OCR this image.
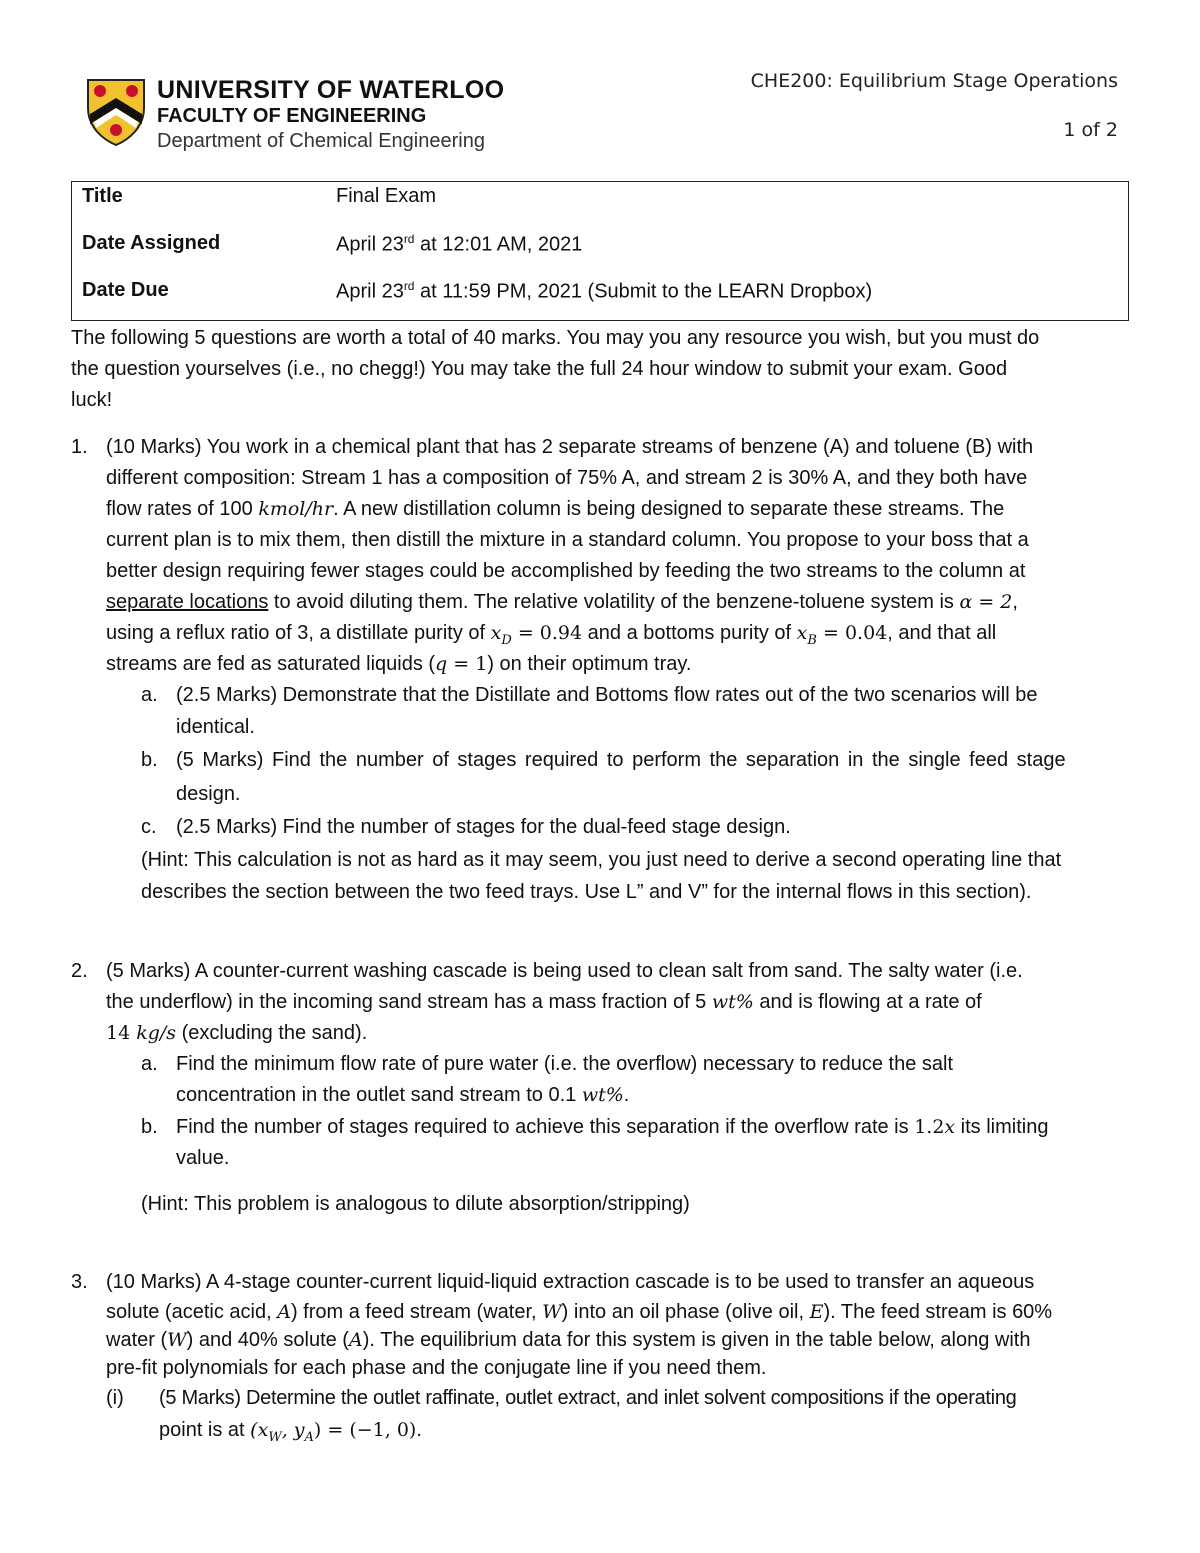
UNIVERSITY OF WATERLOO
FACULTY OF ENGINEERING
Department of Chemical Engineering
CHE200: Equilibrium Stage Operations
1 of 2
Title	Final Exam
Date Assigned	April 23rd at 12:01 AM, 2021
Date Due	April 23rd at 11:59 PM, 2021 (Submit to the LEARN Dropbox)
The following 5 questions are worth a total of 40 marks. You may you any resource you wish, but you must do
the question yourselves (i.e., no chegg!) You may take the full 24 hour window to submit your exam. Good
luck!
1. (10 Marks) You work in a chemical plant that has 2 separate streams of benzene (A) and toluene (B) with
different composition: Stream 1 has a composition of 75% A, and stream 2 is 30% A, and they both have
flow rates of 100 kmol/hr. A new distillation column is being designed to separate these streams. The
current plan is to mix them, then distill the mixture in a standard column. You propose to your boss that a
better design requiring fewer stages could be accomplished by feeding the two streams to the column at
separate locations to avoid diluting them. The relative volatility of the benzene-toluene system is α = 2,
using a reflux ratio of 3, a distillate purity of $x_D = 0.94$ and a bottoms purity of $x_B = 0.04$, and that all
streams are fed as saturated liquids (q = 1) on their optimum tray.
a. (2.5 Marks) Demonstrate that the Distillate and Bottoms flow rates out of the two scenarios will be
identical.
b. (5 Marks) Find the number of stages required to perform the separation in the single feed stage
design.
c. (2.5 Marks) Find the number of stages for the dual-feed stage design.
(Hint: This calculation is not as hard as it may seem, you just need to derive a second operating line that
describes the section between the two feed trays. Use L” and V” for the internal flows in this section).
2. (5 Marks) A counter-current washing cascade is being used to clean salt from sand. The salty water (i.e.
the underflow) in the incoming sand stream has a mass fraction of 5 wt% and is flowing at a rate of
14 kg/s (excluding the sand).
a. Find the minimum flow rate of pure water (i.e. the overflow) necessary to reduce the salt
concentration in the outlet sand stream to 0.1 wt%.
b. Find the number of stages required to achieve this separation if the overflow rate is 1.2x its limiting
value.
(Hint: This problem is analogous to dilute absorption/stripping)
3. (10 Marks) A 4-stage counter-current liquid-liquid extraction cascade is to be used to transfer an aqueous
solute (acetic acid, A) from a feed stream (water, W) into an oil phase (olive oil, E). The feed stream is 60%
water (W) and 40% solute (A). The equilibrium data for this system is given in the table below, along with
pre-fit polynomials for each phase and the conjugate line if you need them.
(i) (5 Marks) Determine the outlet raffinate, outlet extract, and inlet solvent compositions if the operating
point is at ($x_W$, $y_A) = (-1$, 0).
